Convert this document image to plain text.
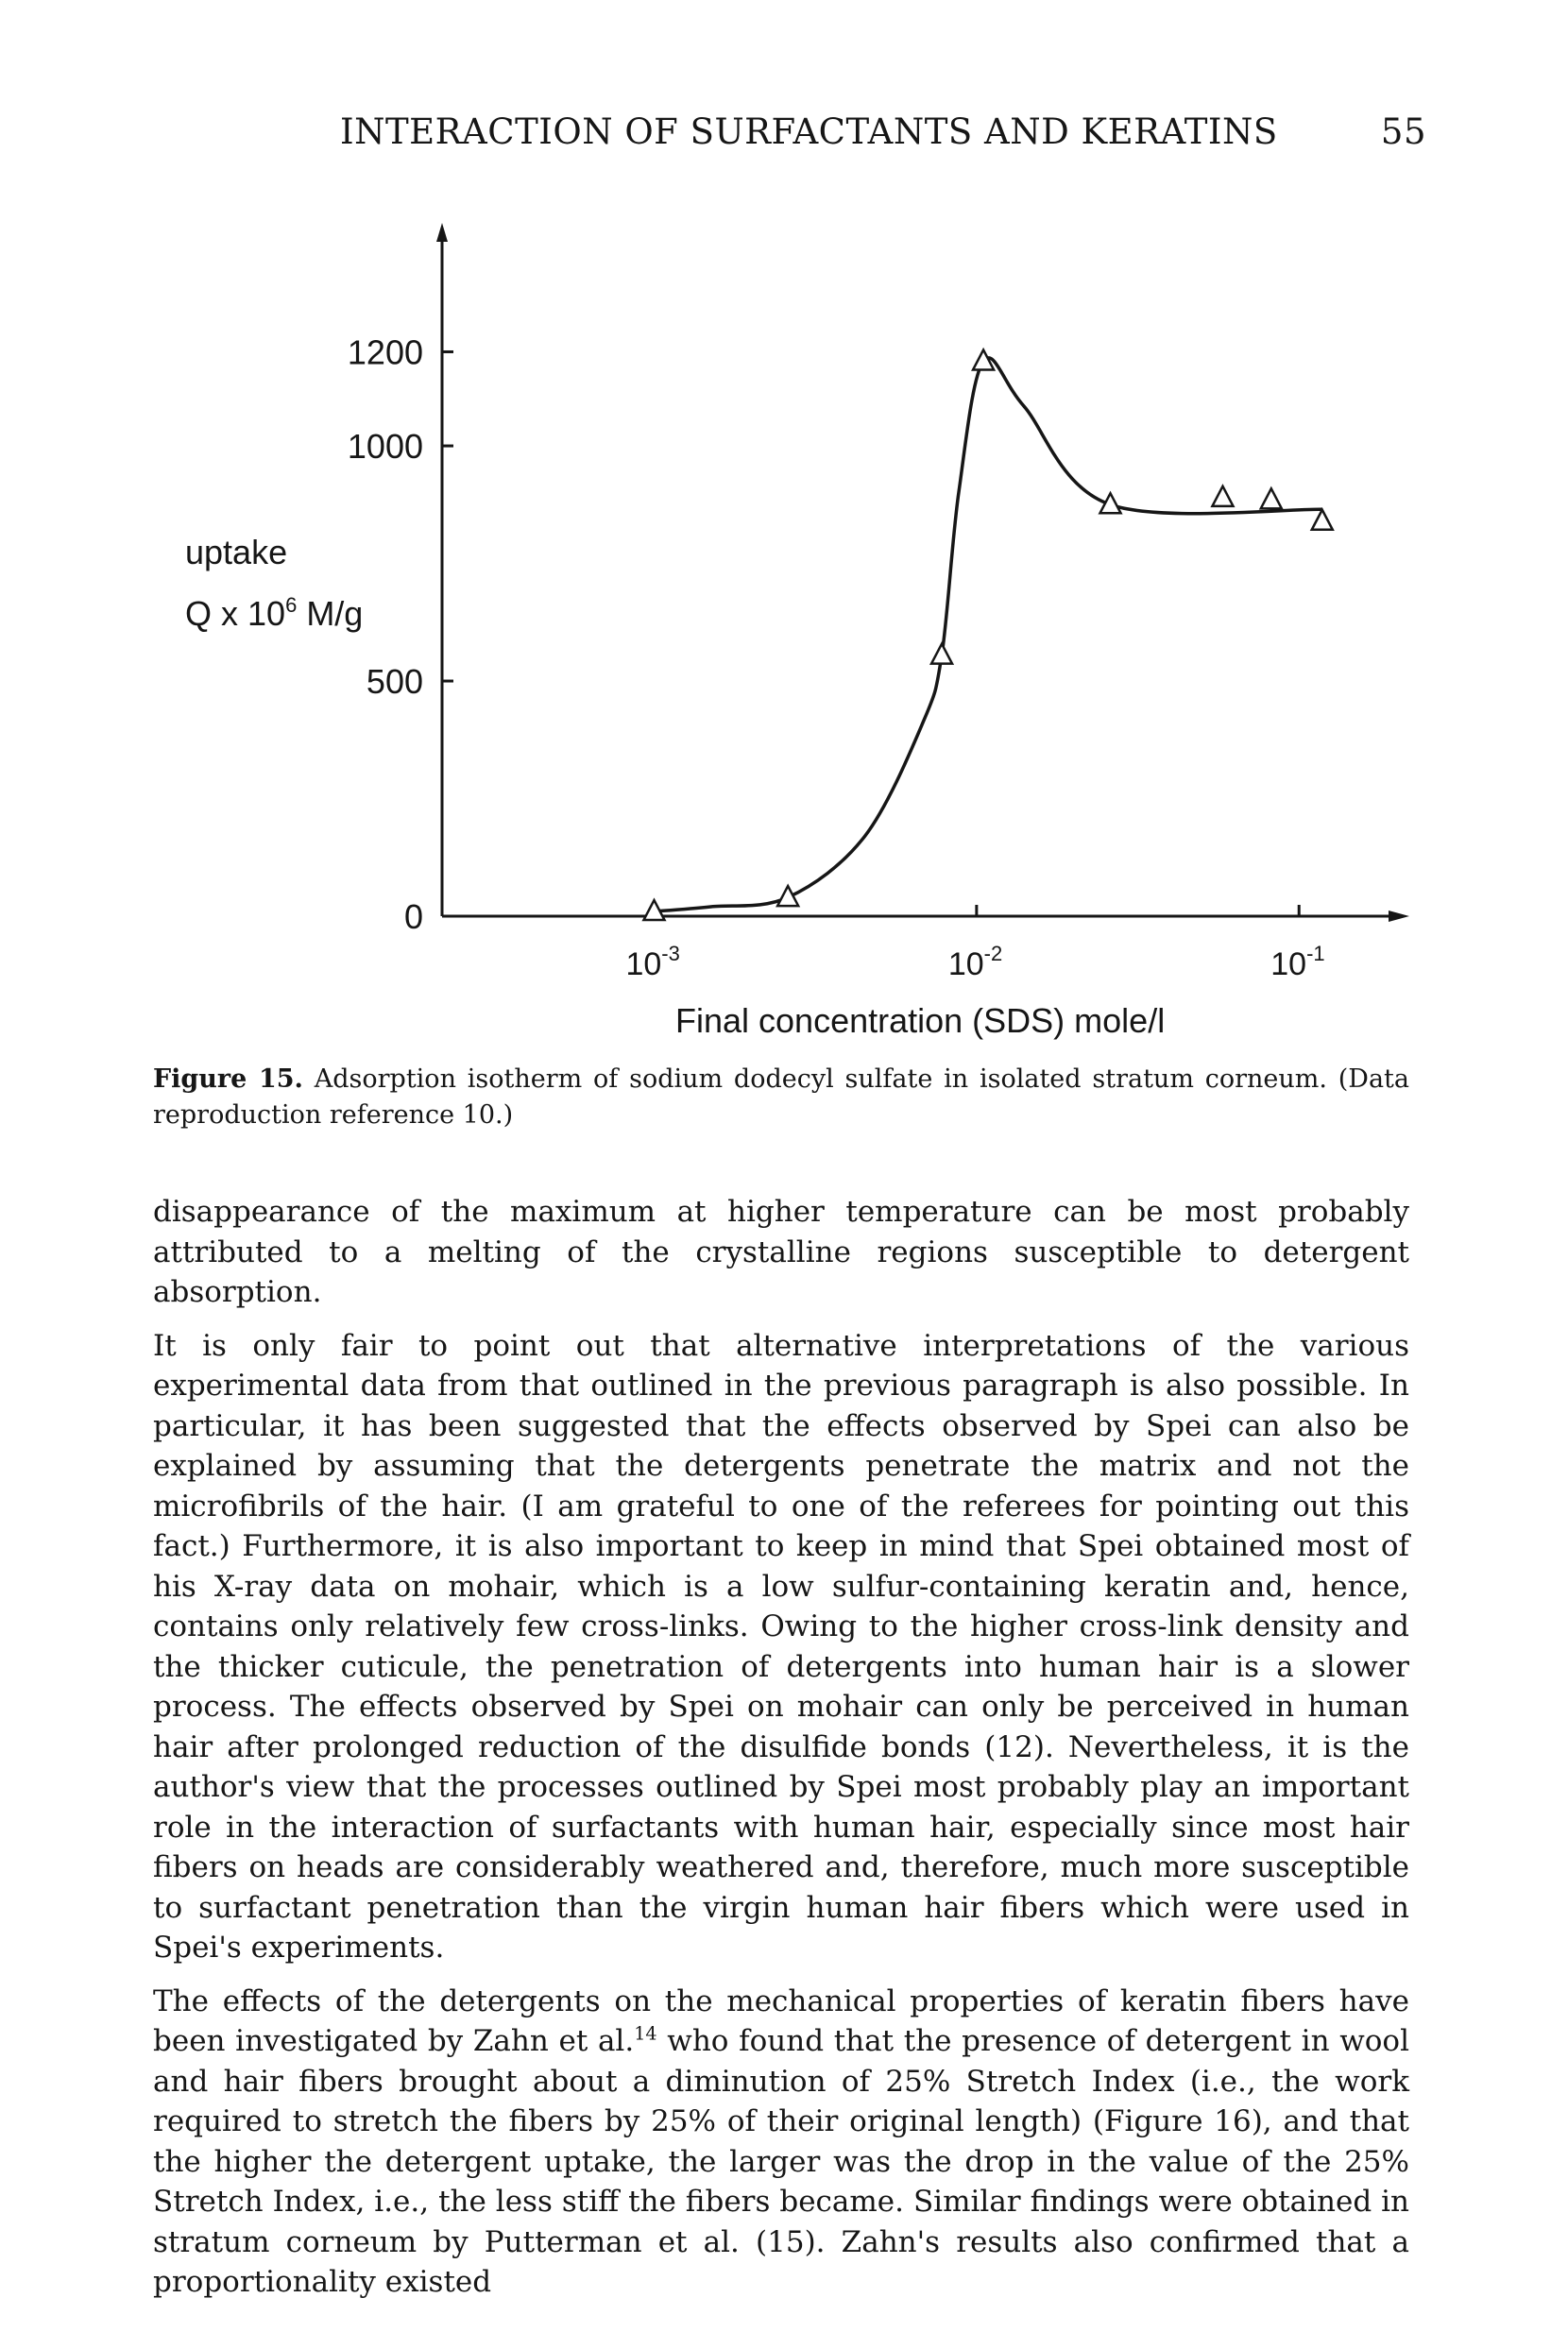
INTERACTION OF SURFACTANTS AND KERATINS	55
uptake
Q x $10^6$ M/g
Final concentration (SDS) mole/l
0
500
1000
1200
$10^{-3}$	$10^{-2}$	$10^{-1}$
Figure 15. Adsorption isotherm of sodium dodecyl sulfate in isolated stratum corneum. (Data reproduction reference 10.)

disappearance of the maximum at higher temperature can be most probably attributed to a melting of the crystalline regions susceptible to detergent absorption.

It is only fair to point out that alternative interpretations of the various experimental data from that outlined in the previous paragraph is also possible. In particular, it has been suggested that the effects observed by Spei can also be explained by assuming that the detergents penetrate the matrix and not the microfibrils of the hair. (I am grateful to one of the referees for pointing out this fact.) Furthermore, it is also important to keep in mind that Spei obtained most of his X-ray data on mohair, which is a low sulfur-containing keratin and, hence, contains only relatively few cross-links. Owing to the higher cross-link density and the thicker cuticule, the penetration of detergents into human hair is a slower process. The effects observed by Spei on mohair can only be perceived in human hair after prolonged reduction of the disulfide bonds (12). Nevertheless, it is the author's view that the processes outlined by Spei most probably play an important role in the interaction of surfactants with human hair, especially since most hair fibers on heads are considerably weathered and, therefore, much more susceptible to surfactant penetration than the virgin human hair fibers which were used in Spei's experiments.

The effects of the detergents on the mechanical properties of keratin fibers have been investigated by Zahn et al.$^{14}$ who found that the presence of detergent in wool and hair fibers brought about a diminution of 25% Stretch Index (i.e., the work required to stretch the fibers by 25% of their original length) (Figure 16), and that the higher the detergent uptake, the larger was the drop in the value of the 25% Stretch Index, i.e., the less stiff the fibers became. Similar findings were obtained in stratum corneum by Putterman et al. (15). Zahn's results also confirmed that a proportionality existed
